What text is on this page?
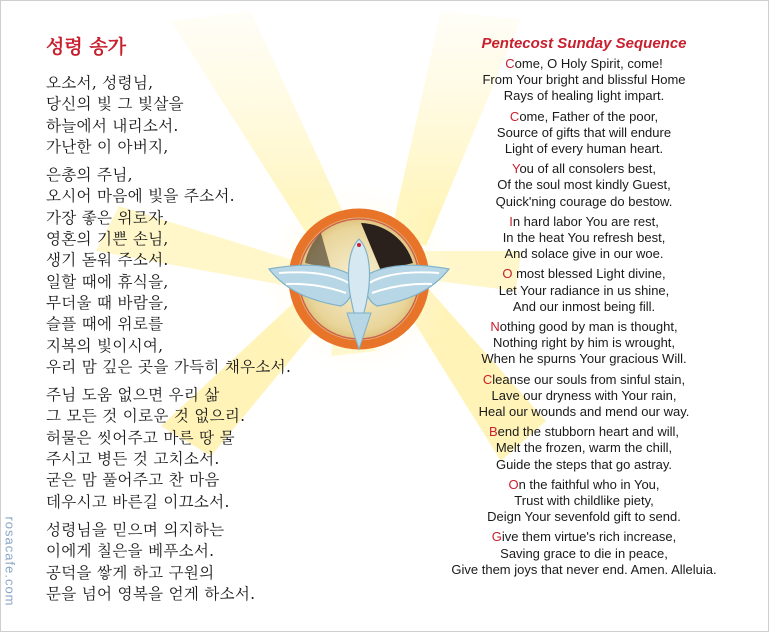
rosacafe.com
성령 송가
오소서, 성령님,
당신의 빛 그 빛살을
하늘에서 내리소서.
가난한 이 아버지,
은총의 주님,
오시어 마음에 빛을 주소서.
가장 좋은 위로자,
영혼의 기쁜 손님,
생기 돋워 주소서.
일할 때에 휴식을,
무더울 때 바람을,
슬플 때에 위로를
지복의 빛이시여,
우리 맘 깊은 곳을 가득히 채우소서.
주님 도움 없으면 우리 삶
그 모든 것 이로운 것 없으리.
허물은 씻어주고 마른 땅 물
주시고 병든 것 고치소서.
굳은 맘 풀어주고 찬 마음
데우시고 바른길 이끄소서.
성령님을 믿으며 의지하는
이에게 칠은을 베푸소서.
공덕을 쌓게 하고 구원의
문을 넘어 영복을 얻게 하소서.
Pentecost Sunday Sequence
Come, O Holy Spirit, come!
From Your bright and blissful Home
Rays of healing light impart.
Come, Father of the poor,
Source of gifts that will endure
Light of every human heart.
You of all consolers best,
Of the soul most kindly Guest,
Quick'ning courage do bestow.
In hard labor You are rest,
In the heat You refresh best,
And solace give in our woe.
O most blessed Light divine,
Let Your radiance in us shine,
And our inmost being fill.
Nothing good by man is thought,
Nothing right by him is wrought,
When he spurns Your gracious Will.
Cleanse our souls from sinful stain,
Lave our dryness with Your rain,
Heal our wounds and mend our way.
Bend the stubborn heart and will,
Melt the frozen, warm the chill,
Guide the steps that go astray.
On the faithful who in You,
Trust with childlike piety,
Deign Your sevenfold gift to send.
Give them virtue's rich increase,
Saving grace to die in peace,
Give them joys that never end. Amen. Alleluia.
